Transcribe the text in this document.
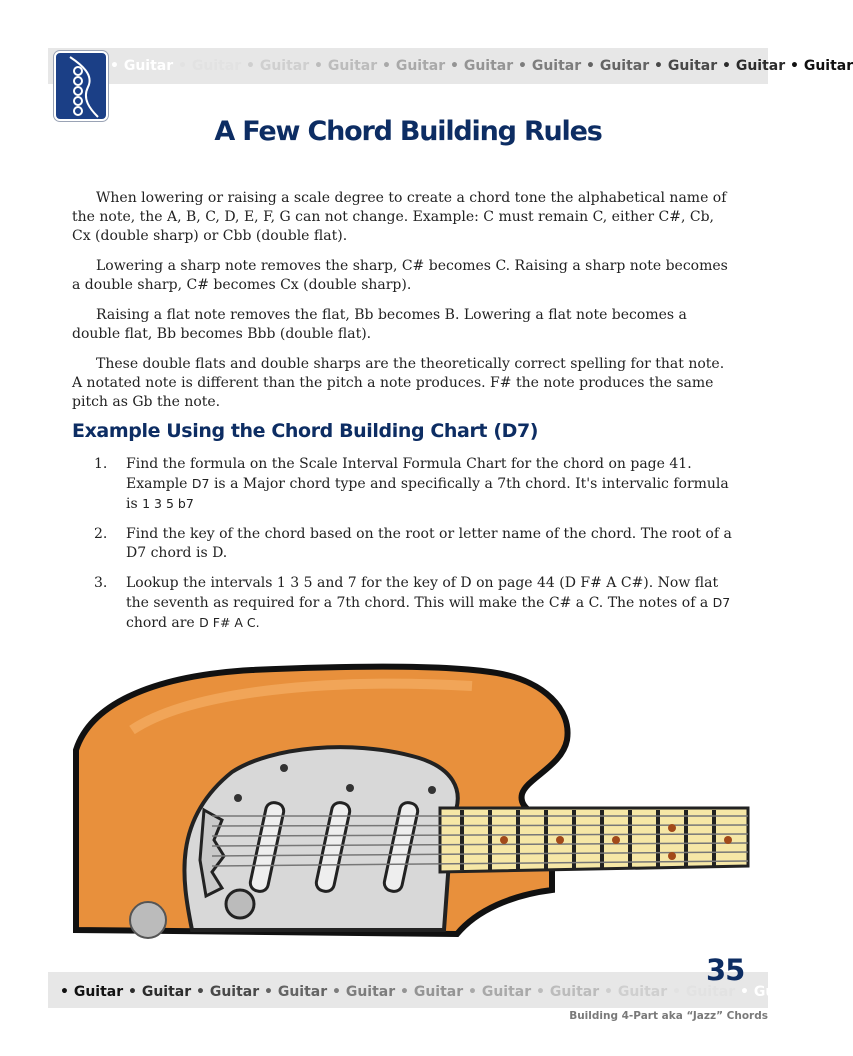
• Guitar • Guitar • Guitar • Guitar • Guitar • Guitar • Guitar • Guitar • Guitar • Guitar • Guitar
A Few Chord Building Rules

When lowering or raising a scale degree to create a chord tone the alphabetical name of the note, the A, B, C, D, E, F, G can not change. Example: C must remain C, either C#, Cb, Cx (double sharp) or Cbb (double flat).

Lowering a sharp note removes the sharp, C# becomes C. Raising a sharp note becomes a double sharp, C# becomes Cx (double sharp).

Raising a flat note removes the flat, Bb becomes B. Lowering a flat note becomes a double flat, Bb becomes Bbb (double flat).

These double flats and double sharps are the theoretically correct spelling for that note. A notated note is different than the pitch a note produces. F# the note produces the same pitch as Gb the note.

Example Using the Chord Building Chart (D7)
1.	Find the formula on the Scale Interval Formula Chart for the chord on page 41. Example D7 is a Major chord type and specifically a 7th chord. It's intervalic formula is 1 3 5 b7
2.	Find the key of the chord based on the root or letter name of the chord. The root of a D7 chord is D.
3.	Lookup the intervals 1 3 5 and 7 for the key of D on page 44 (D F# A C#). Now flat the seventh as required for a 7th chord. This will make the C# a C. The notes of a D7 chord are D F# A C.
• Guitar • Guitar • Guitar • Guitar • Guitar • Guitar • Guitar • Guitar • Guitar • Guitar • Guitar
35
Building 4-Part aka “Jazz” Chords
